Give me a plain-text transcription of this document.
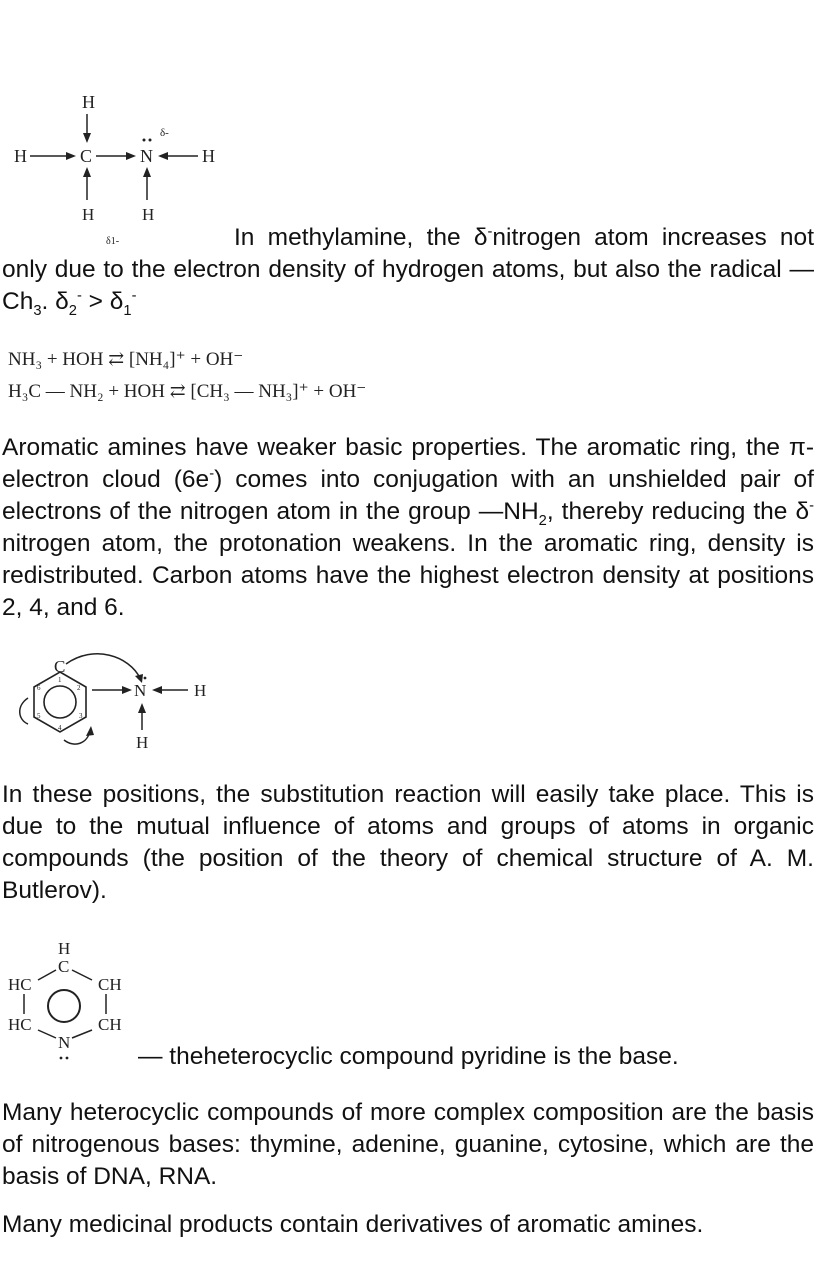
H
H	C	N	H
H	H
δ-
δ1-	In methylamine, the δ-nitrogen atom increases not only due to the electron density of hydrogen atoms, but also the radical $—Ch_3$. $\delta_2^- > \delta_1^-$

NH₃ + HOH ⇄ [NH₄]⁺ + OH⁻
H₃C — NH₂ + HOH ⇄ [CH₃ — NH₃]⁺ + OH⁻

Aromatic amines have weaker basic properties. The aromatic ring, the π-electron cloud (6e-) comes into conjugation with an unshielded pair of electrons of the nitrogen atom in the group $—NH_2$, thereby reducing the δ- nitrogen atom, the protonation weakens. In the aromatic ring, density is redistributed. Carbon atoms have the highest electron density at positions 2, 4, and 6.

C
1
2
3
4
5
6	N	H
H

In these positions, the substitution reaction will easily take place. This is due to the mutual influence of atoms and groups of atoms in organic compounds (the position of the theory of chemical structure of A. M. Butlerov).

H
C
HC	CH
HC	CH
N
— theheterocyclic compound pyridine is the base.

Many heterocyclic compounds of more complex composition are the basis of nitrogenous bases: thymine, adenine, guanine, cytosine, which are the basis of DNA, RNA.

Many medicinal products contain derivatives of aromatic amines.
